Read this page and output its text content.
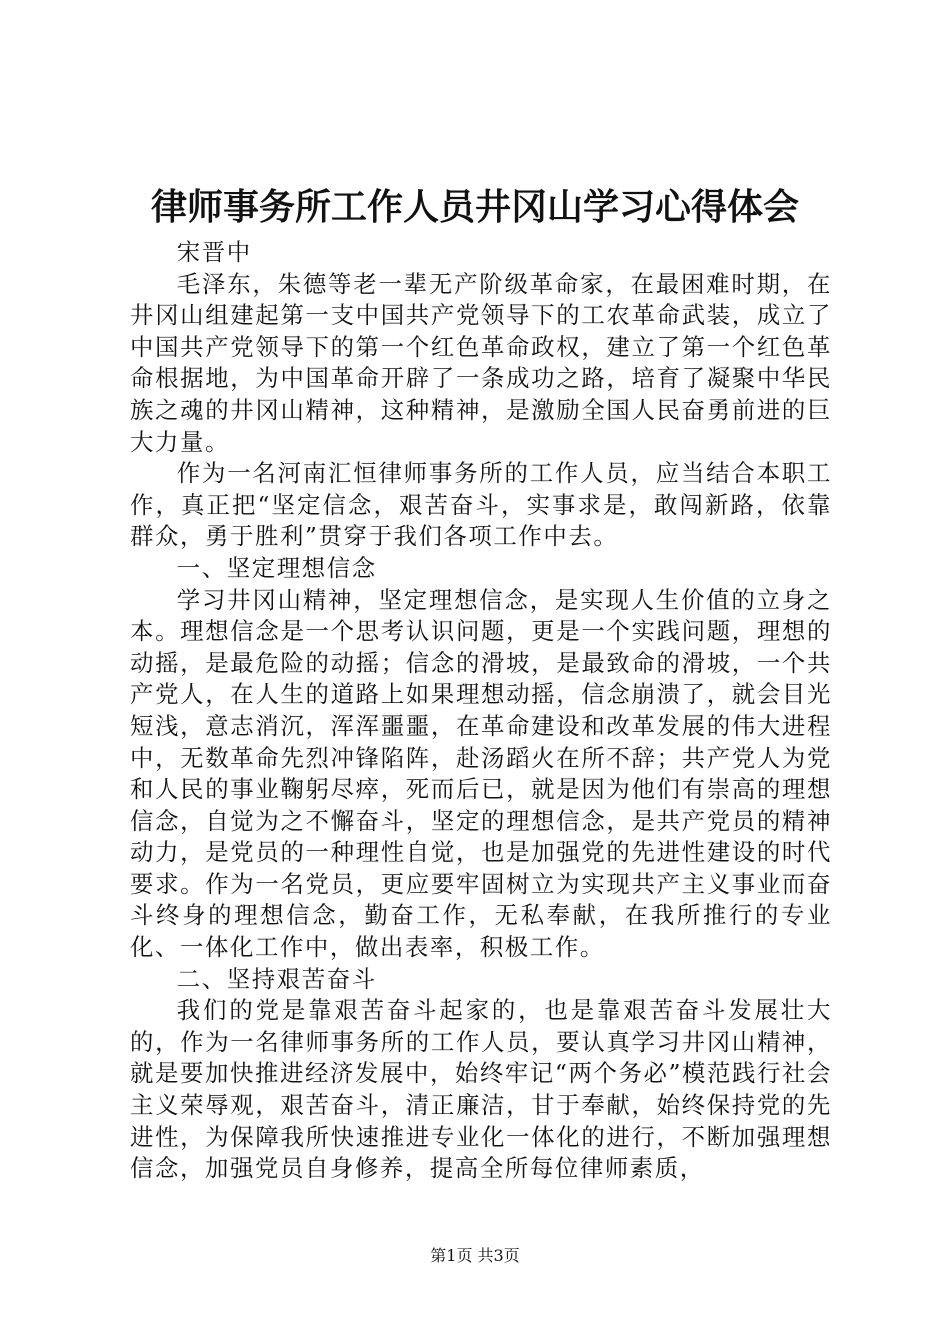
律师事务所工作人员井冈山学习心得体会

宋晋中

毛泽东，朱德等老一辈无产阶级革命家，在最困难时期，在井冈山组建起第一支中国共产党领导下的工农革命武装，成立了中国共产党领导下的第一个红色革命政权，建立了第一个红色革命根据地，为中国革命开辟了一条成功之路，培育了凝聚中华民族之魂的井冈山精神，这种精神，是激励全国人民奋勇前进的巨大力量。

作为一名河南汇恒律师事务所的工作人员，应当结合本职工作，真正把“坚定信念，艰苦奋斗，实事求是，敢闯新路，依靠群众，勇于胜利”贯穿于我们各项工作中去。

一、坚定理想信念

学习井冈山精神，坚定理想信念，是实现人生价值的立身之本。理想信念是一个思考认识问题，更是一个实践问题，理想的动摇，是最危险的动摇；信念的滑坡，是最致命的滑坡，一个共产党人，在人生的道路上如果理想动摇，信念崩溃了，就会目光短浅，意志消沉，浑浑噩噩，在革命建设和改革发展的伟大进程中，无数革命先烈冲锋陷阵，赴汤蹈火在所不辞；共产党人为党和人民的事业鞠躬尽瘁，死而后已，就是因为他们有崇高的理想信念，自觉为之不懈奋斗，坚定的理想信念，是共产党员的精神动力，是党员的一种理性自觉，也是加强党的先进性建设的时代要求。作为一名党员，更应要牢固树立为实现共产主义事业而奋斗终身的理想信念，勤奋工作，无私奉献，在我所推行的专业化、一体化工作中，做出表率，积极工作。

二、坚持艰苦奋斗

我们的党是靠艰苦奋斗起家的，也是靠艰苦奋斗发展壮大的，作为一名律师事务所的工作人员，要认真学习井冈山精神，就是要加快推进经济发展中，始终牢记“两个务必”模范践行社会主义荣辱观，艰苦奋斗，清正廉洁，甘于奉献，始终保持党的先进性，为保障我所快速推进专业化一体化的进行，不断加强理想信念，加强党员自身修养，提高全所每位律师素质，

第1页 共3页
